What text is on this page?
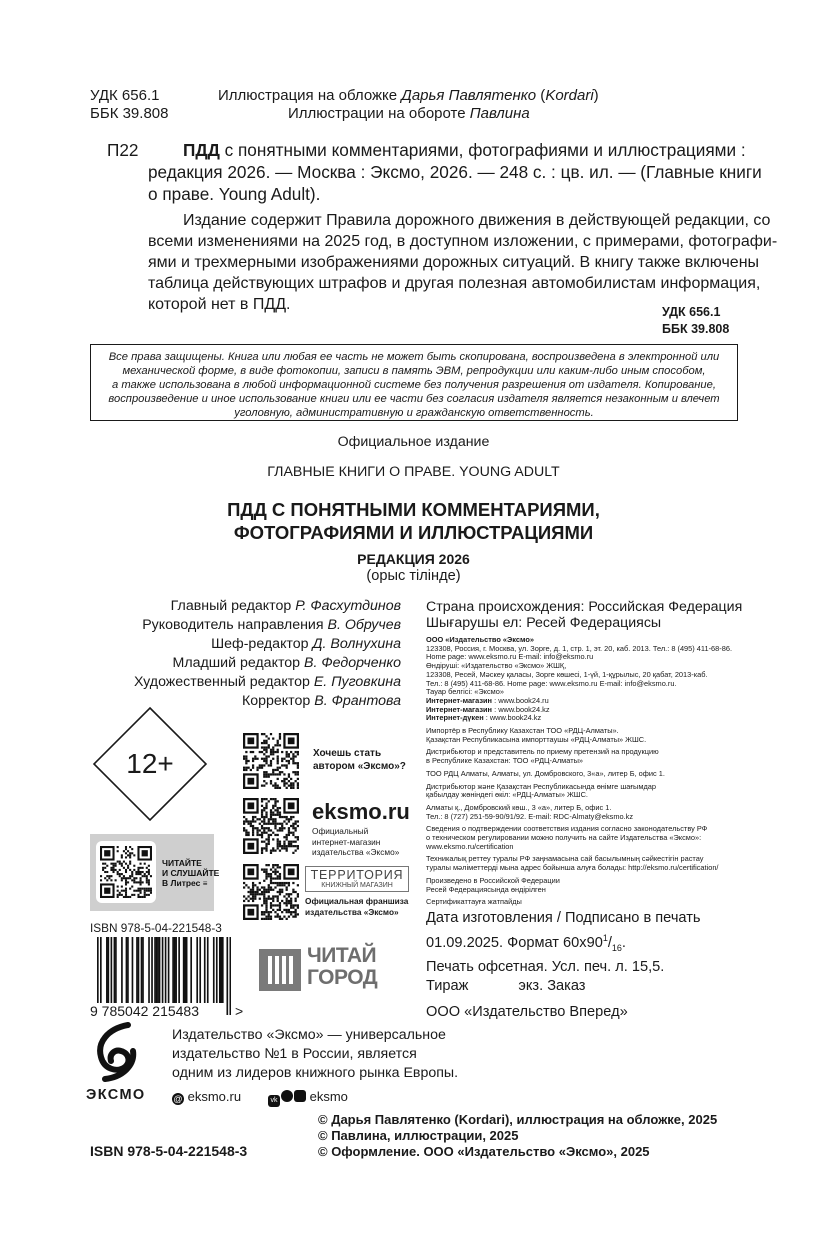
УДК 656.1
ББК 39.808
Иллюстрация на обложке Дарья Павлятенко (Kordari)
Иллюстрации на обороте Павлина
П22	ПДД с понятными комментариями, фотографиями и иллюстрациями :
редакция 2026. — Москва : Эксмо, 2026. — 248 с. : цв. ил. — (Главные книги
о праве. Young Adult).
Издание содержит Правила дорожного движения в действующей редакции, со
всеми изменениями на 2025 год, в доступном изложении, с примерами, фотографи-
ями и трехмерными изображениями дорожных ситуаций. В книгу также включены
таблица действующих штрафов и другая полезная автомобилистам информация,
которой нет в ПДД.	УДК 656.1
ББК 39.808
Все права защищены. Книга или любая ее часть не может быть скопирована, воспроизведена в электронной или
механической форме, в виде фотокопии, записи в память ЭВМ, репродукции или каким-либо иным способом,
а также использована в любой информационной системе без получения разрешения от издателя. Копирование,
воспроизведение и иное использование книги или ее части без согласия издателя является незаконным и влечет
уголовную, административную и гражданскую ответственность.
Официальное издание
ГЛАВНЫЕ КНИГИ О ПРАВЕ. YOUNG ADULT
ПДД С ПОНЯТНЫМИ КОММЕНТАРИЯМИ,
ФОТОГРАФИЯМИ И ИЛЛЮСТРАЦИЯМИ
РЕДАКЦИЯ 2026
(орыс тілінде)
Главный редактор Р. Фасхутдинов
Руководитель направления В. Обручев
Шеф-редактор Д. Волнухина
Младший редактор В. Федорченко
Художественный редактор Е. Пуговкина
Корректор В. Франтова
Страна происхождения: Российская Федерация
Шығарушы ел: Ресей Федерациясы
ООО «Издательство «Эксмо»
123308, Россия, г. Москва, ул. Зорге, д. 1, стр. 1, эт. 20, каб. 2013. Тел.: 8 (495) 411-68-86.
Home page: www.eksmo.ru E-mail: info@eksmo.ru
Өндіруші: «Издательство «Эксмо» ЖШҚ,
123308, Ресей, Мәскеу қаласы, Зорге көшесі, 1-үй, 1-құрылыс, 20 қабат, 2013-каб.
Тел.: 8 (495) 411-68-86. Home page: www.eksmo.ru E-mail: info@eksmo.ru.
Тауар белгісі: «Эксмо»
Интернет-магазин : www.book24.ru
Интернет-магазин : www.book24.kz
Интернет-дүкен : www.book24.kz
Импортёр в Республику Казахстан ТОО «РДЦ-Алматы».
Қазақстан Республикасына импорттаушы «РДЦ-Алматы» ЖШС.
Дистрибьютор и представитель по приему претензий на продукцию
в Республике Казахстан: ТОО «РДЦ-Алматы»
ТОО РДЦ Алматы, Алматы, ул. Домбровского, 3«а», литер Б, офис 1.
Дистрибьютор және Қазақстан Республикасында өнімге шағымдар
қабылдау жөніндегі өкіл: «РДЦ-Алматы» ЖШС.
Алматы қ., Домбровский көш., 3 «а», литер Б, офис 1.
Тел.: 8 (727) 251-59-90/91/92. E-mail: RDC-Almaty@eksmo.kz
Сведения о подтверждении соответствия издания согласно законодательству РФ
о техническом регулировании можно получить на сайте Издательства «Эксмо»:
www.eksmo.ru/certification
Техникалық реттеу туралы РФ заңнамасына сай басылымның сәйкестігін растау
туралы мәліметтерді мына адрес бойынша алуға болады: http://eksmo.ru/certification/
Произведено в Российской Федерации
Ресей Федерациясында өндірілген
Сертификаттауға жатпайды
Дата изготовления / Подписано в печать
01.09.2025. Формат $60x90^1/_{16}$.
Печать офсетная. Усл. печ. л. 15,5.
Тираж	экз. Заказ
ООО «Издательство Вперед»
12+
ЧИТАЙТЕ
И СЛУШАЙТЕ
В Литрес ≡
Хочешь стать
автором «Эксмо»?
eksmo.ru
Официальный
интернет-магазин
издательства «Эксмо»
ТЕРРИТОРИЯ
КНИЖНЫЙ МАГАЗИН
Официальная франшиза
издательства «Эксмо»
ISBN 978-5-04-221548-3
9 785042 215483	>
ЧИТАЙ
ГОРОД
ЭКСМО
Издательство «Эксмо» — универсальное
издательство №1 в России, является
одним из лидеров книжного рынка Европы.
@ eksmo.ru	vk eksmo
ISBN 978-5-04-221548-3
© Дарья Павлятенко (Kordari), иллюстрация на обложке, 2025
© Павлина, иллюстрации, 2025
© Оформление. ООО «Издательство «Эксмо», 2025
